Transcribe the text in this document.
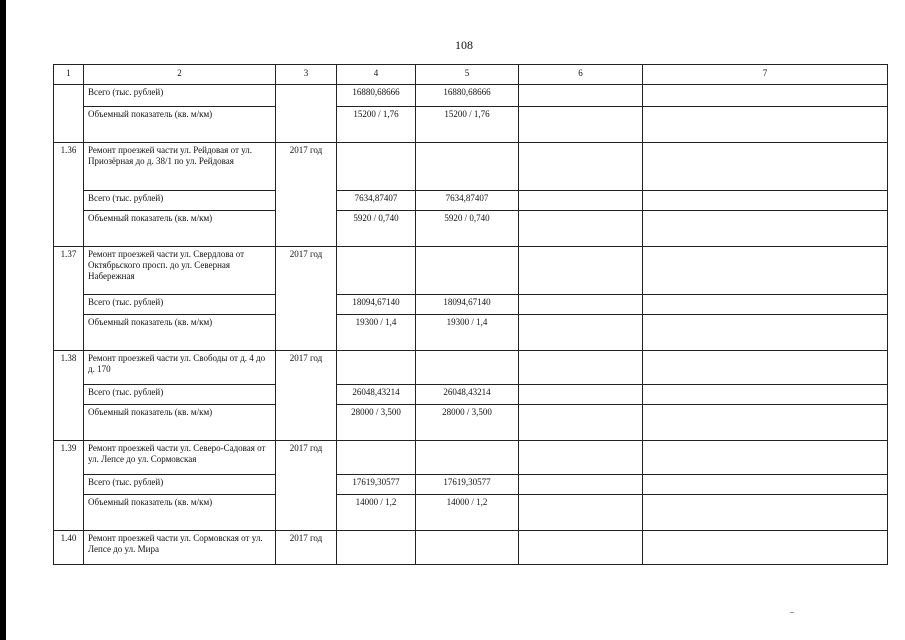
108
1	2	3	4	5	6	7
	Всего (тыс. рублей)		16880,68666	16880,68666		
	Объемный показатель (кв. м/км)		15200 / 1,76	15200 / 1,76		
1.36	Ремонт проезжей части ул. Рейдовая от ул. Приозёрная до д. 38/1 по ул. Рейдовая	2017 год				
	Всего (тыс. рублей)		7634,87407	7634,87407		
	Объемный показатель (кв. м/км)		5920 / 0,740	5920 / 0,740		
1.37	Ремонт проезжей части ул. Свердлова от Октябрьского просп. до ул. Северная Набережная	2017 год				
	Всего (тыс. рублей)		18094,67140	18094,67140		
	Объемный показатель (кв. м/км)		19300 / 1,4	19300 / 1,4		
1.38	Ремонт проезжей части ул. Свободы от д. 4 до д. 170	2017 год				
	Всего (тыс. рублей)		26048,43214	26048,43214		
	Объемный показатель (кв. м/км)		28000 / 3,500	28000 / 3,500		
1.39	Ремонт проезжей части ул. Северо-Садовая от ул. Лепсе до ул. Сормовская	2017 год				
	Всего (тыс. рублей)		17619,30577	17619,30577		
	Объемный показатель (кв. м/км)		14000 / 1,2	14000 / 1,2		
1.40	Ремонт проезжей части ул. Сормовская от ул. Лепсе до ул. Мира	2017 год				
